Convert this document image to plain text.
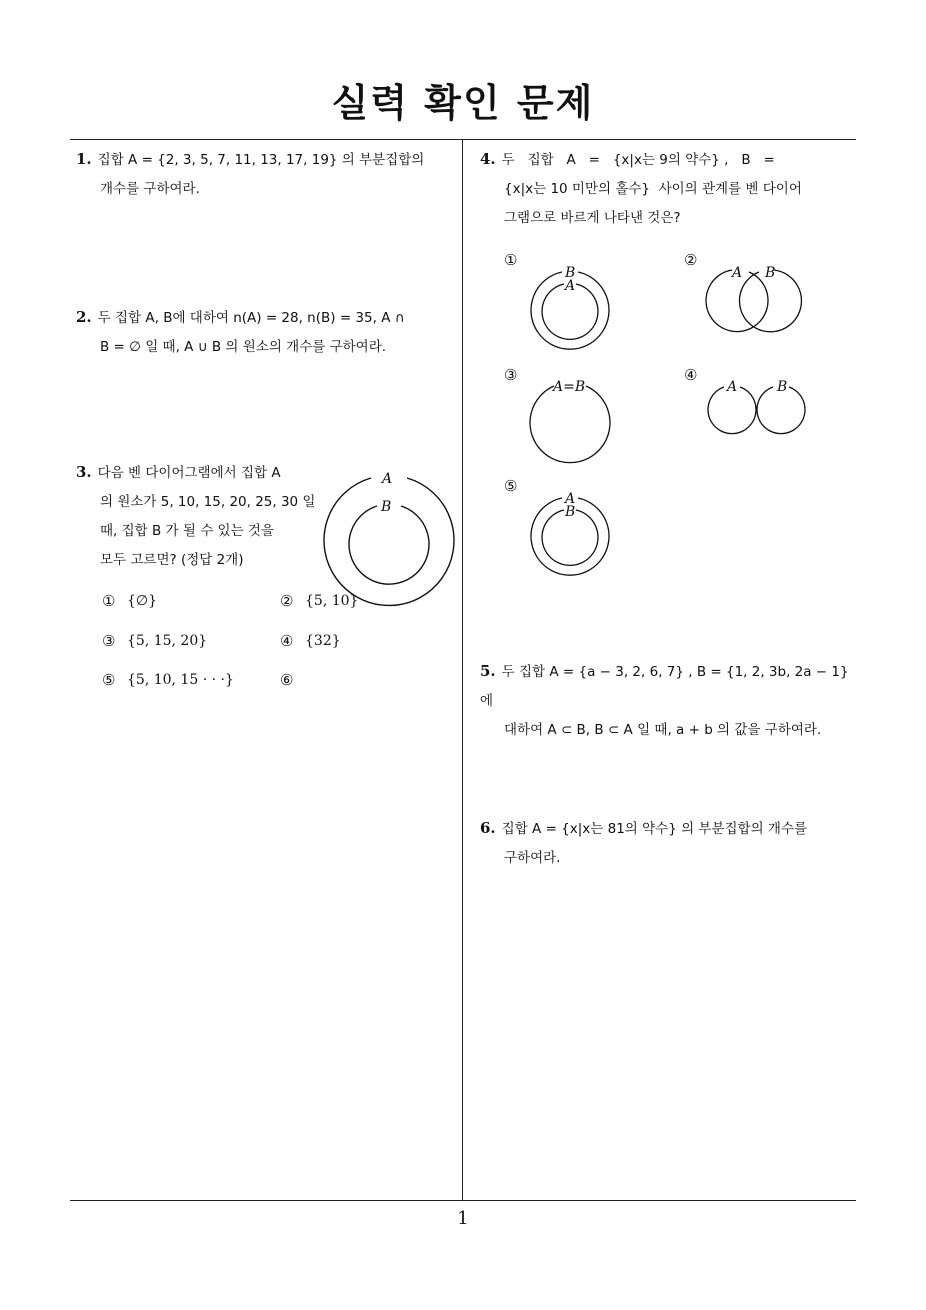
실력 확인 문제
1
1. 집합 A = {2, 3, 5, 7, 11, 13, 17, 19} 의 부분집합의
개수를 구하여라.
2. 두 집합 A, B에 대하여 n(A) = 28, n(B) = 35, A ∩
B = ∅ 일 때, A ∪ B 의 원소의 개수를 구하여라.
3. 다음 벤 다이어그램에서 집합 A
의 원소가 5, 10, 15, 20, 25, 30 일
때, 집합 B 가 될 수 있는 것을
모두 고르면? (정답 2개)
A
B
① {∅}	② {5, 10}
③ {5, 15, 20}	④ {32}
⑤ {5, 10, 15 · · ·}	⑥
4. 두   집합   A   =   {x|x는 9의 약수} ,   B   =
{x|x는 10 미만의 홀수}  사이의 관계를 벤 다이어
그램으로 바르게 나타낸 것은?
①
B
A
②
A B
③
A=B
④
A	B
⑤
A
B
5. 두 집합 A = {a − 3, 2, 6, 7} , B = {1, 2, 3b, 2a − 1} 에
대하여 A ⊂ B, B ⊂ A 일 때, a + b 의 값을 구하여라.
6. 집합 A = {x|x는 81의 약수} 의 부분집합의 개수를
구하여라.
